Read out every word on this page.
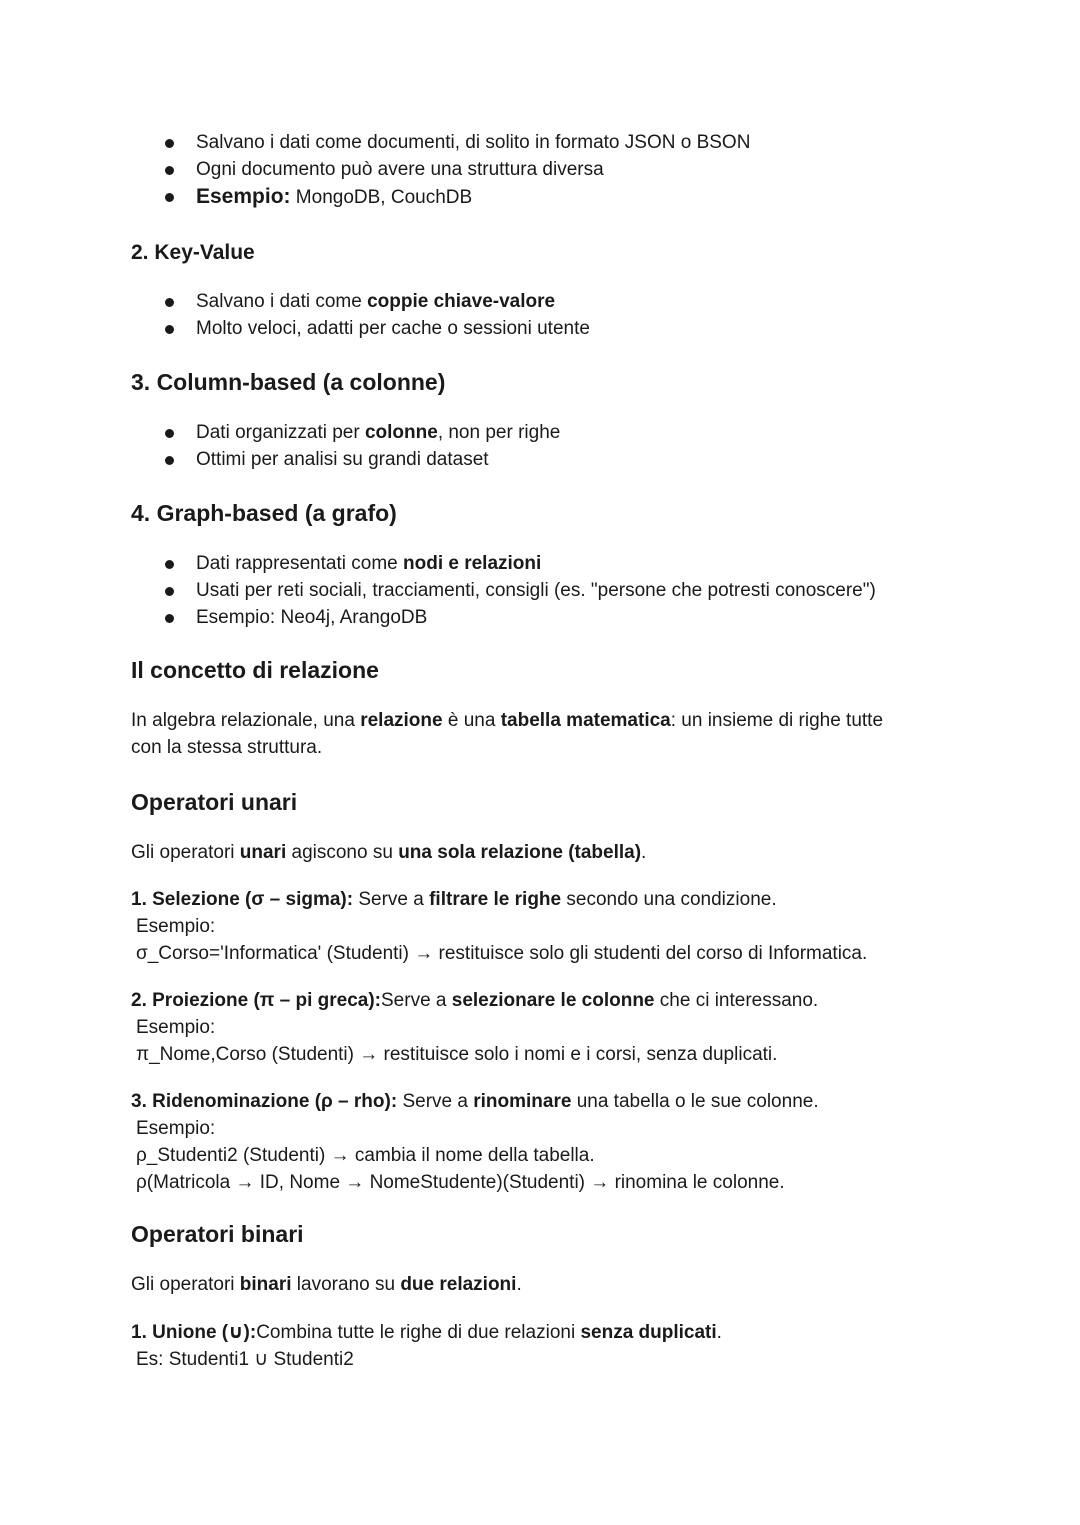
Salvano i dati come documenti, di solito in formato JSON o BSON
Ogni documento può avere una struttura diversa
Esempio: MongoDB, CouchDB
2. Key-Value
Salvano i dati come coppie chiave-valore
Molto veloci, adatti per cache o sessioni utente
3. Column-based (a colonne)
Dati organizzati per colonne, non per righe
Ottimi per analisi su grandi dataset
4. Graph-based (a grafo)
Dati rappresentati come nodi e relazioni
Usati per reti sociali, tracciamenti, consigli (es. "persone che potresti conoscere")
Esempio: Neo4j, ArangoDB
Il concetto di relazione

In algebra relazionale, una relazione è una tabella matematica: un insieme di righe tutte
con la stessa struttura.

Operatori unari

Gli operatori unari agiscono su una sola relazione (tabella).

1. Selezione (σ – sigma): Serve a filtrare le righe secondo una condizione.
Esempio:
σ_Corso='Informatica' (Studenti) → restituisce solo gli studenti del corso di Informatica.
2. Proiezione (π – pi greca):Serve a selezionare le colonne che ci interessano.
Esempio:
π_Nome,Corso (Studenti) → restituisce solo i nomi e i corsi, senza duplicati.
3. Ridenominazione (ρ – rho): Serve a rinominare una tabella o le sue colonne.
Esempio:
ρ_Studenti2 (Studenti) → cambia il nome della tabella.
ρ(Matricola → ID, Nome → NomeStudente)(Studenti) → rinomina le colonne.
Operatori binari

Gli operatori binari lavorano su due relazioni.

1. Unione (∪):Combina tutte le righe di due relazioni senza duplicati.
Es: Studenti1 ∪ Studenti2
